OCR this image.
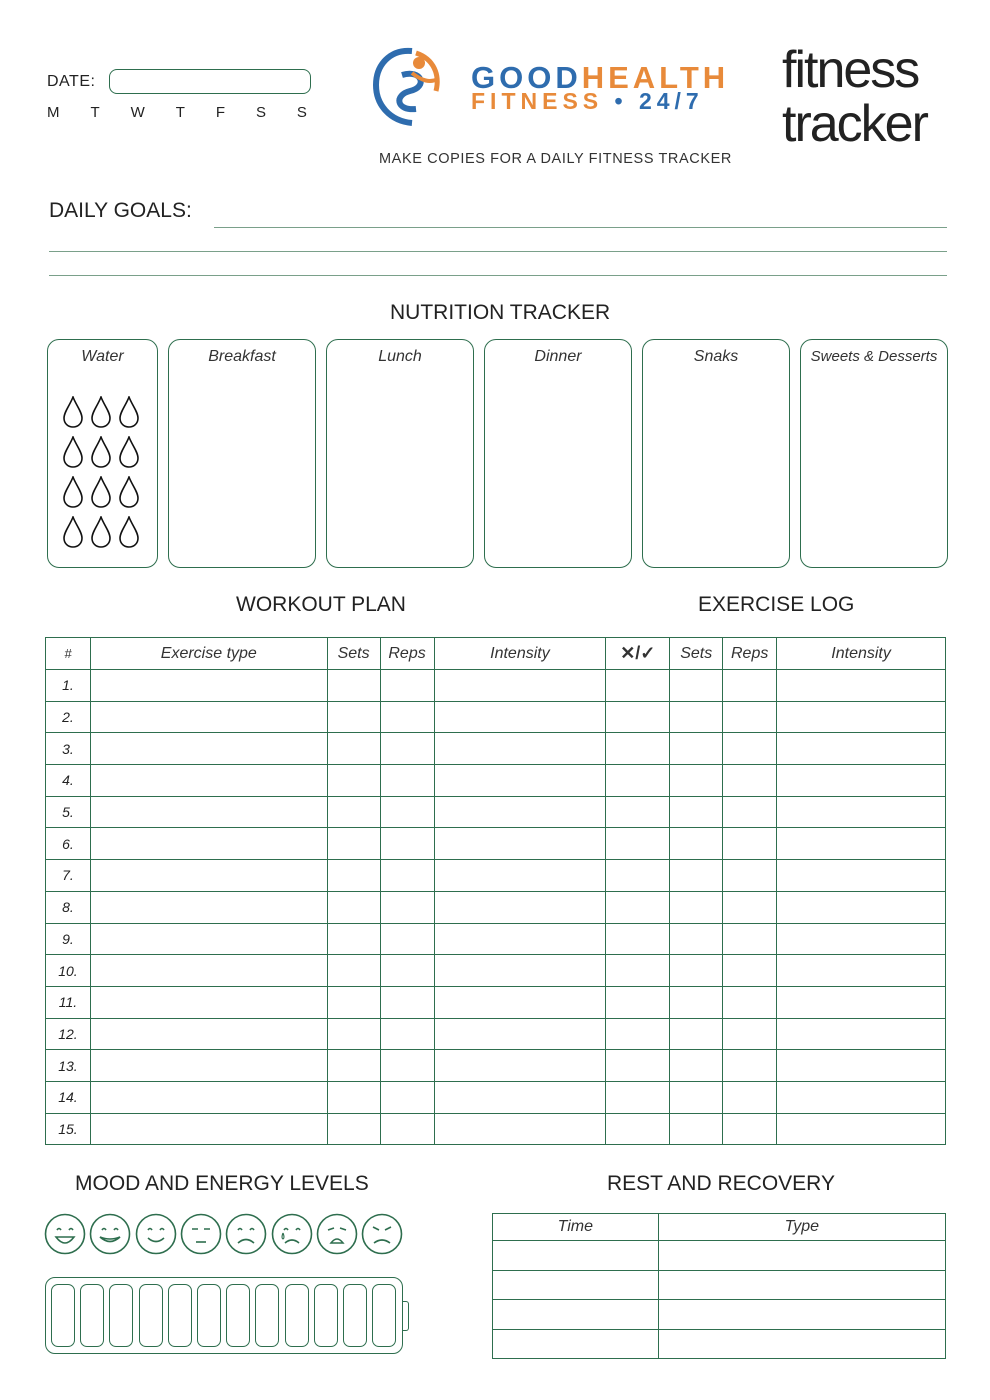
DATE:
M T W T F S S
GOODHEALTH
FITNESS • 24/7
fitness
tracker
MAKE COPIES FOR A DAILY FITNESS TRACKER
DAILY GOALS:
NUTRITION TRACKER
Water	Breakfast	Lunch	Dinner	Snaks	Sweets & Desserts
WORKOUT PLAN	EXERCISE LOG
#	Exercise type	Sets	Reps	Intensity	✕/✓	Sets	Reps	Intensity
1.								
2.								
3.								
4.								
5.								
6.								
7.								
8.								
9.								
10.								
11.								
12.								
13.								
14.								
15.								
MOOD AND ENERGY LEVELS	REST AND RECOVERY
Time	Type
